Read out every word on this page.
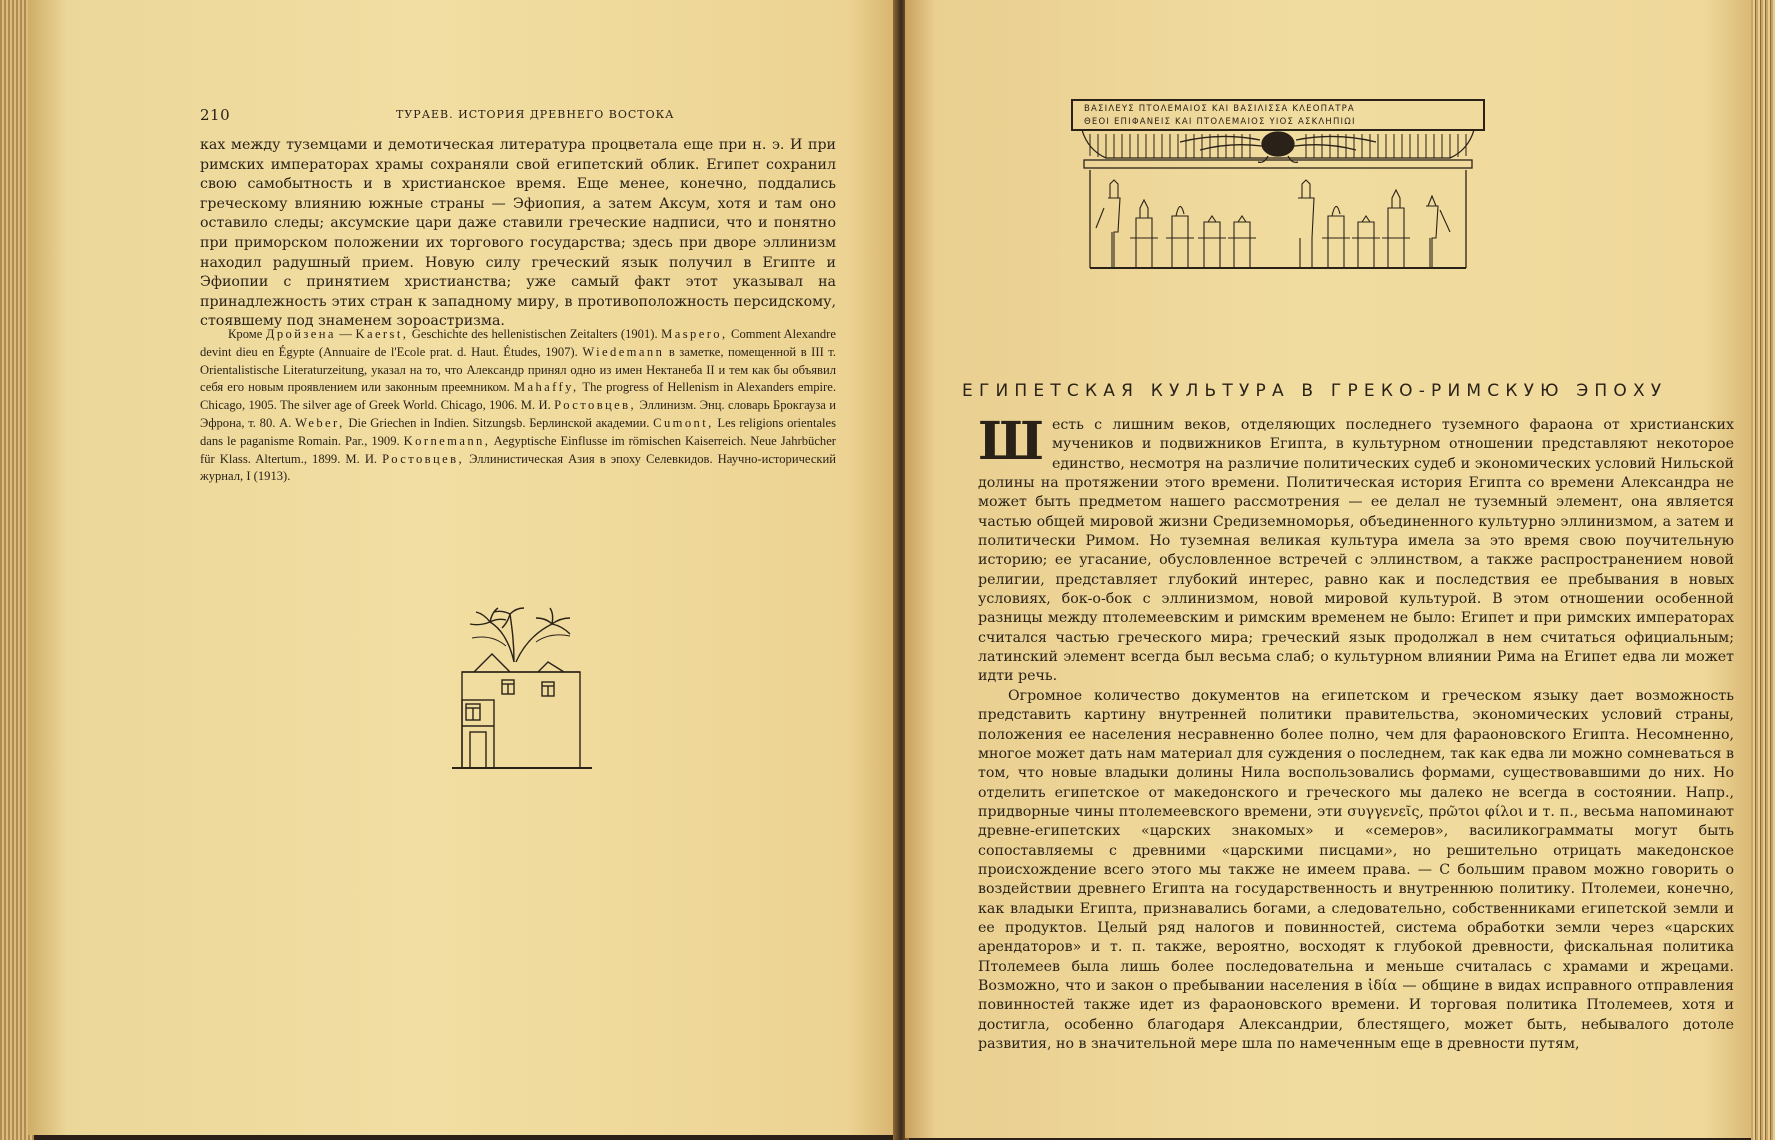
210	ТУРАЕВ. ИСТОРИЯ ДРЕВНЕГО ВОСТОКА
ках между туземцами и демотическая литература процветала еще при н. э. И при римских императорах храмы сохраняли свой египетский облик. Египет сохранил свою самобытность и в христианское время. Еще менее, конечно, поддались греческому влиянию южные страны — Эфиопия, а затем Аксум, хотя и там оно оставило следы; аксумские цари даже ставили греческие надписи, что и понятно при приморском положении их торгового государства; здесь при дворе эллинизм находил радушный прием. Новую силу греческий язык получил в Египте и Эфиопии с принятием христианства; уже самый факт этот указывал на принадлежность этих стран к западному миру, в противоположность персидскому, стоявшему под знаменем зороастризма.
Кроме Дройзена — Kaerst, Geschichte des hellenistischen Zeitalters (1901). Maspero, Comment Alexandre devint dieu en Égypte (Annuaire de l'Ecole prat. d. Haut. Études, 1907). Wiedemann в заметке, помещенной в III т. Orientalistische Literaturzeitung, указал на то, что Александр принял одно из имен Нектанеба II и тем как бы объявил себя его новым проявлением или законным преемником. Mahaffy, The progress of Hellenism in Alexanders empire. Chicago, 1905. The silver age of Greek World. Chicago, 1906. М. И. Ростовцев, Эллинизм. Энц. словарь Брокгауза и Эфрона, т. 80. A. Weber, Die Griechen in Indien. Sitzungsb. Берлинской академии. Cumont, Les religions orientales dans le paganisme Romain. Par., 1909. Kornemann, Aegyptische Einflusse im römischen Kaiserreich. Neue Jahrbücher für Klass. Altertum., 1899. М. И. Ростовцев, Эллинистическая Азия в эпоху Селевкидов. Научно-исторический журнал, I (1913).
ΒΑΣΙΛΕΥΣ ΠΤΟΛΕΜΑΙΟΣ ΚΑΙ ΒΑΣΙΛΙΣΣΑ ΚΛΕΟΠΑΤΡΑ
ΘΕΟΙ ΕΠΙΦΑΝΕΙΣ ΚΑΙ ΠΤΟΛΕΜΑΙΟΣ ΥΙΟΣ ΑΣΚΛΗΠΙΩΙ
ЕГИПЕТСКАЯ КУЛЬТУРА В ГРЕКО-РИМСКУЮ ЭПОХУ

Шесть с лишним веков, отделяющих последнего туземного фараона от христианских мучеников и подвижников Египта, в культурном отношении представляют некоторое единство, несмотря на различие политических судеб и экономических условий Нильской долины на протяжении этого времени. Политическая история Египта со времени Александра не может быть предметом нашего рассмотрения — ее делал не туземный элемент, она является частью общей мировой жизни Средиземноморья, объединенного культурно эллинизмом, а затем и политически Римом. Но туземная великая культура имела за это время свою поучительную историю; ее угасание, обусловленное встречей с эллинством, а также распространением новой религии, представляет глубокий интерес, равно как и последствия ее пребывания в новых условиях, бок-о-бок с эллинизмом, новой мировой культурой. В этом отношении особенной разницы между птолемеевским и римским временем не было: Египет и при римских императорах считался частью греческого мира; греческий язык продолжал в нем считаться официальным; латинский элемент всегда был весьма слаб; о культурном влиянии Рима на Египет едва ли может идти речь.

Огромное количество документов на египетском и греческом языку дает возможность представить картину внутренней политики правительства, экономических условий страны, положения ее населения несравненно более полно, чем для фараоновского Египта. Несомненно, многое может дать нам материал для суждения о последнем, так как едва ли можно сомневаться в том, что новые владыки долины Нила воспользовались формами, существовавшими до них. Но отделить египетское от македонского и греческого мы далеко не всегда в состоянии. Напр., придворные чины птолемеевского времени, эти συγγενεῖς, πρῶτοι φίλοι и т. п., весьма напоминают древне-египетских «царских знакомых» и «семеров», василикограмматы могут быть сопоставляемы с древними «царскими писцами», но решительно отрицать македонское происхождение всего этого мы также не имеем права. — С большим правом можно говорить о воздействии древнего Египта на государственность и внутреннюю политику. Птолемеи, конечно, как владыки Египта, признавались богами, а следовательно, собственниками египетской земли и ее продуктов. Целый ряд налогов и повинностей, система обработки земли через «царских арендаторов» и т. п. также, вероятно, восходят к глубокой древности, фискальная политика Птолемеев была лишь более последовательна и меньше считалась с храмами и жрецами. Возможно, что и закон о пребывании населения в ἰδία — общине в видах исправного отправления повинностей также идет из фараоновского времени. И торговая политика Птолемеев, хотя и достигла, особенно благодаря Александрии, блестящего, может быть, небывалого дотоле развития, но в значительной мере шла по намеченным еще в древности путям,
